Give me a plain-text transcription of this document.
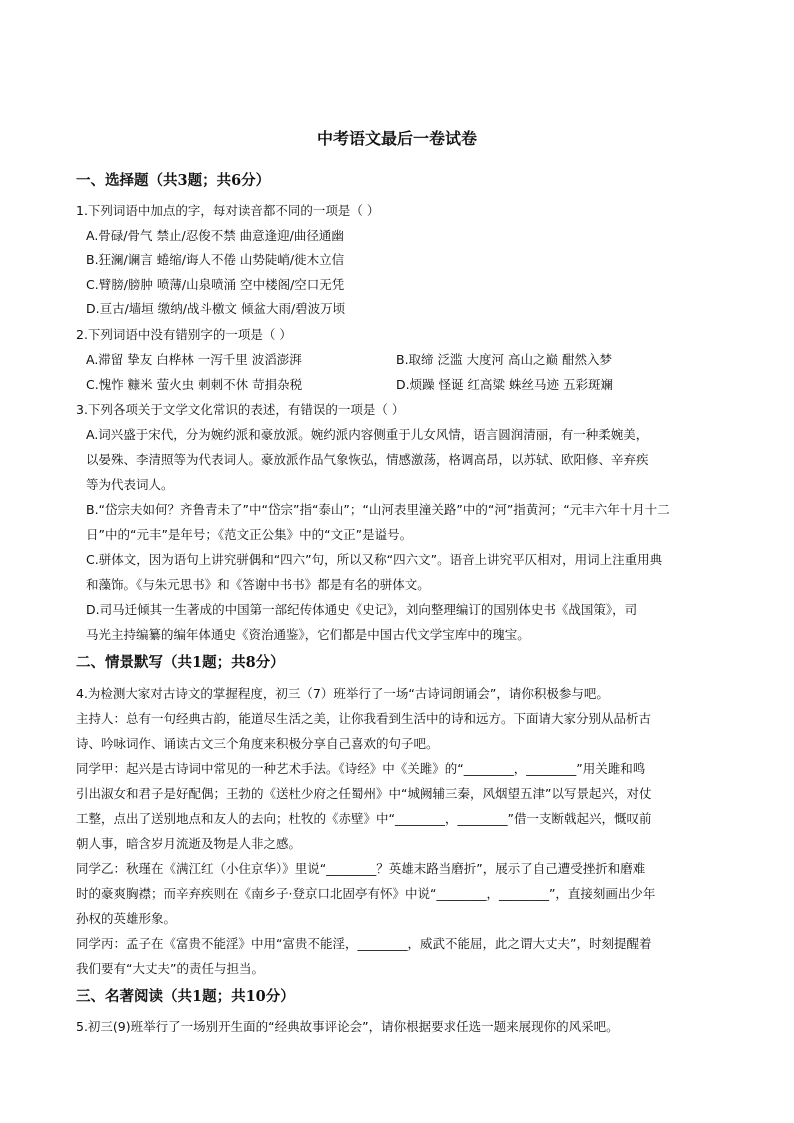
中考语文最后一卷试卷
一、选择题（共3题；共6分）
1.下列词语中加点的字，每对读音都不同的一项是（ ）
A.骨碌/骨气 禁止/忍俊不禁 曲意逢迎/曲径通幽
B.狂澜/谰言 蜷缩/诲人不倦 山势陡峭/徙木立信
C.臂膀/膀肿 喷薄/山泉喷涌 空中楼阁/空口无凭
D.亘古/墙垣 缴纳/战斗檄文 倾盆大雨/碧波万顷
2.下列词语中没有错别字的一项是（ ）
A.滞留 挚友 白桦林 一泻千里 波滔澎湃	B.取缔 泛滥 大度河 高山之巅 酣然入梦
C.愧怍 糠米 萤火虫 刺刺不休 苛捐杂税	D.烦躁 怪诞 红高粱 蛛丝马迹 五彩斑斓
3.下列各项关于文学文化常识的表述，有错误的一项是（ ）
A.词兴盛于宋代，分为婉约派和豪放派。婉约派内容侧重于儿女风情，语言圆润清丽，有一种柔婉美，
以晏殊、李清照等为代表词人。豪放派作品气象恢弘，情感激荡，格调高昂，以苏轼、欧阳修、辛弃疾
等为代表词人。
B.“岱宗夫如何？齐鲁青未了”中“岱宗”指“泰山”；“山河表里潼关路”中的“河”指黄河；“元丰六年十月十二
日”中的“元丰”是年号；《范文正公集》中的“文正”是谥号。
C.骈体文，因为语句上讲究骈偶和“四六”句，所以又称“四六文”。语音上讲究平仄相对，用词上注重用典
和藻饰。《与朱元思书》和《答谢中书书》都是有名的骈体文。
D.司马迁倾其一生著成的中国第一部纪传体通史《史记》，刘向整理编订的国别体史书《战国策》，司
马光主持编纂的编年体通史《资治通鉴》，它们都是中国古代文学宝库中的瑰宝。
二、情景默写（共1题；共8分）
4.为检测大家对古诗文的掌握程度，初三（7）班举行了一场“古诗词朗诵会”，请你积极参与吧。
主持人：总有一句经典古韵，能道尽生活之美，让你我看到生活中的诗和远方。下面请大家分别从品析古
诗、吟咏词作、诵读古文三个角度来积极分享自己喜欢的句子吧。
同学甲：起兴是古诗词中常见的一种艺术手法。《诗经》中《关雎》的“________，________”用关雎和鸣
引出淑女和君子是好配偶；王勃的《送杜少府之任蜀州》中“城阙辅三秦，风烟望五津”以写景起兴，对仗
工整，点出了送别地点和友人的去向；杜牧的《赤壁》中“________，________”借一支断戟起兴，慨叹前
朝人事，暗含岁月流逝及物是人非之感。
同学乙：秋瑾在《满江红（小住京华）》里说“________？英雄末路当磨折”，展示了自己遭受挫折和磨难
时的豪爽胸襟；而辛弃疾则在《南乡子·登京口北固亭有怀》中说“________，________”，直接刻画出少年
孙权的英雄形象。
同学丙：孟子在《富贵不能淫》中用“富贵不能淫，________，威武不能屈，此之谓大丈夫”，时刻提醒着
我们要有“大丈夫”的责任与担当。
三、名著阅读（共1题；共10分）
5.初三(9)班举行了一场别开生面的“经典故事评论会”，请你根据要求任选一题来展现你的风采吧。
